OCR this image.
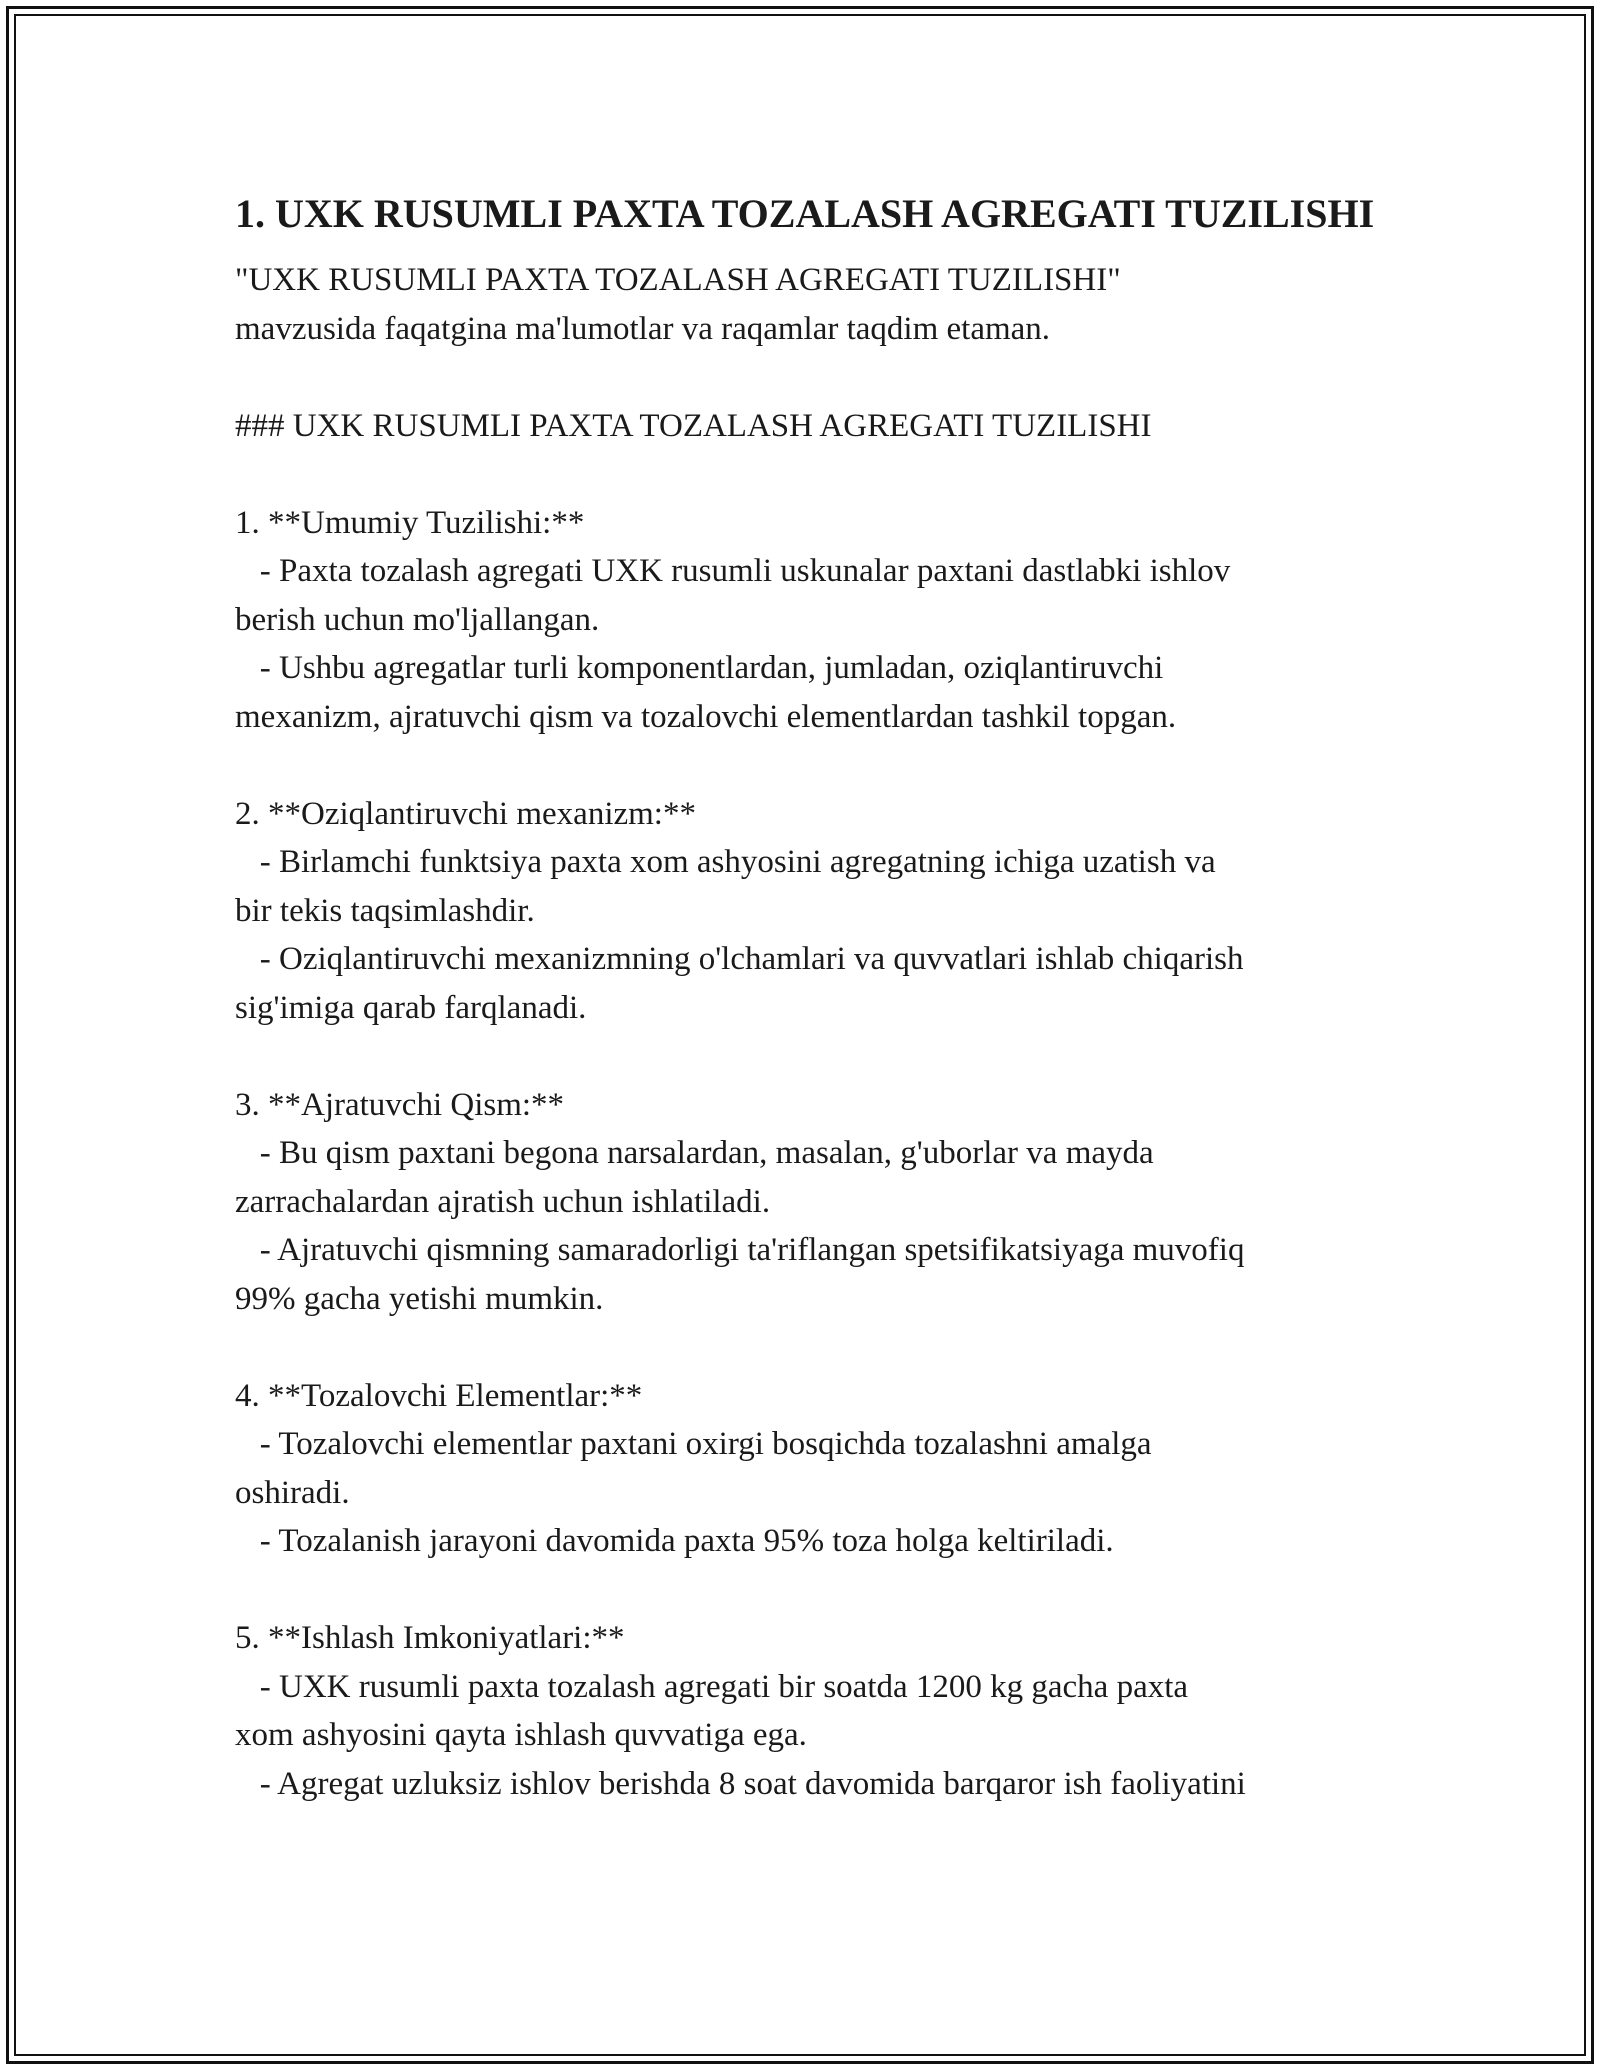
1. UXK RUSUMLI PAXTA TOZALASH AGREGATI TUZILISHI
"UXK RUSUMLI PAXTA TOZALASH AGREGATI TUZILISHI"
mavzusida faqatgina ma'lumotlar va raqamlar taqdim etaman.
### UXK RUSUMLI PAXTA TOZALASH AGREGATI TUZILISHI
1. **Umumiy Tuzilishi:**
- Paxta tozalash agregati UXK rusumli uskunalar paxtani dastlabki ishlov
berish uchun mo'ljallangan.
- Ushbu agregatlar turli komponentlardan, jumladan, oziqlantiruvchi
mexanizm, ajratuvchi qism va tozalovchi elementlardan tashkil topgan.
2. **Oziqlantiruvchi mexanizm:**
- Birlamchi funktsiya paxta xom ashyosini agregatning ichiga uzatish va
bir tekis taqsimlashdir.
- Oziqlantiruvchi mexanizmning o'lchamlari va quvvatlari ishlab chiqarish
sig'imiga qarab farqlanadi.
3. **Ajratuvchi Qism:**
- Bu qism paxtani begona narsalardan, masalan, g'uborlar va mayda
zarrachalardan ajratish uchun ishlatiladi.
- Ajratuvchi qismning samaradorligi ta'riflangan spetsifikatsiyaga muvofiq
99% gacha yetishi mumkin.
4. **Tozalovchi Elementlar:**
- Tozalovchi elementlar paxtani oxirgi bosqichda tozalashni amalga
oshiradi.
- Tozalanish jarayoni davomida paxta 95% toza holga keltiriladi.
5. **Ishlash Imkoniyatlari:**
- UXK rusumli paxta tozalash agregati bir soatda 1200 kg gacha paxta
xom ashyosini qayta ishlash quvvatiga ega.
- Agregat uzluksiz ishlov berishda 8 soat davomida barqaror ish faoliyatini
